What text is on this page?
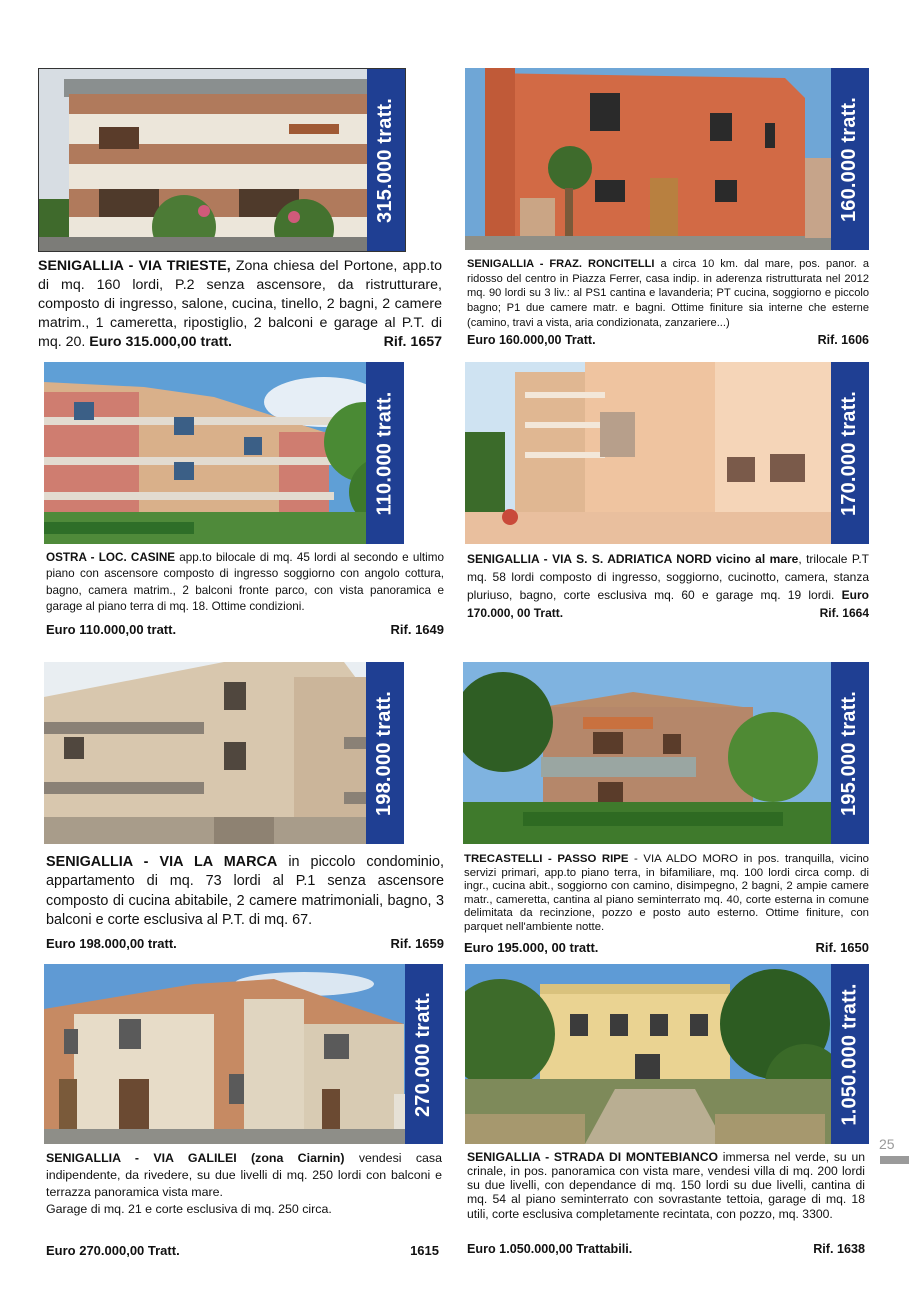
315.000 tratt.
SENIGALLIA - VIA TRIESTE, Zona chiesa del Portone, app.to di mq. 160 lordi, P.2 senza ascensore, da ristrutturare, composto di ingresso, salone, cucina, tinello, 2 bagni, 2 camere matrim., 1 cameretta, ripostiglio, 2 balconi e garage al P.T. di mq. 20. Euro 315.000,00 tratt.	Rif. 1657
160.000 tratt.
SENIGALLIA - FRAZ. RONCITELLI a circa 10 km. dal mare, pos. panor. a ridosso del centro in Piazza Ferrer, casa indip. in aderenza ristrutturata nel 2012 mq. 90 lordi su 3 liv.: al PS1 cantina e lavanderia; PT cucina, soggiorno e piccolo bagno; P1 due camere matr. e bagni. Ottime finiture sia interne che esterne (camino, travi a vista, aria condizionata, zanzariere...)
Euro 160.000,00 Tratt.	Rif. 1606
110.000 tratt.
OSTRA - LOC. CASINE app.to bilocale di mq. 45 lordi al secondo e ultimo piano con ascensore composto di ingresso soggiorno con angolo cottura, bagno, camera matrim., 2 balconi fronte parco, con vista panoramica e garage al piano terra di mq. 18. Ottime condizioni.
Euro 110.000,00 tratt.	Rif. 1649
170.000 tratt.
SENIGALLIA - VIA S. S. ADRIATICA NORD vicino al mare, trilocale P.T mq. 58 lordi composto di ingresso, soggiorno, cucinotto, camera, stanza pluriuso, bagno, corte esclusiva mq. 60 e garage mq. 19 lordi. Euro 170.000, 00 Tratt.	Rif. 1664
198.000 tratt.
SENIGALLIA - VIA LA MARCA in piccolo condominio, appartamento di mq. 73 lordi al P.1 senza ascensore composto di cucina abitabile, 2 camere matrimoniali, bagno, 3 balconi e corte esclusiva al P.T. di mq. 67.
Euro 198.000,00 tratt.	Rif. 1659
195.000 tratt.
TRECASTELLI - PASSO RIPE - VIA ALDO MORO in pos. tranquilla, vicino servizi primari, app.to piano terra, in bifamiliare, mq. 100 lordi circa comp. di ingr., cucina abit., soggiorno con camino, disimpegno, 2 bagni, 2 ampie camere matr., cameretta, cantina al piano seminterrato mq. 40, corte esterna in comune delimitata da recinzione, pozzo e posto auto esterno. Ottime finiture, con parquet nell'ambiente notte.
Euro 195.000, 00 tratt.	Rif. 1650
270.000 tratt.
SENIGALLIA - VIA GALILEI (zona Ciarnin) vendesi casa indipendente, da rivedere, su due livelli di mq. 250 lordi con balconi e terrazza panoramica vista mare.
Garage di mq. 21 e corte esclusiva di mq. 250 circa.
Euro 270.000,00 Tratt.	1615
1.050.000 tratt.
SENIGALLIA - STRADA DI MONTEBIANCO immersa nel verde, su un crinale, in pos. panoramica con vista mare, vendesi villa di mq. 200 lordi su due livelli, con dependance di mq. 150 lordi su due livelli, cantina di mq. 54 al piano seminterrato con sovrastante tettoia, garage di mq. 18 utili, corte esclusiva completamente recintata, con pozzo, mq. 3300.
Euro 1.050.000,00 Trattabili.	Rif. 1638
25
